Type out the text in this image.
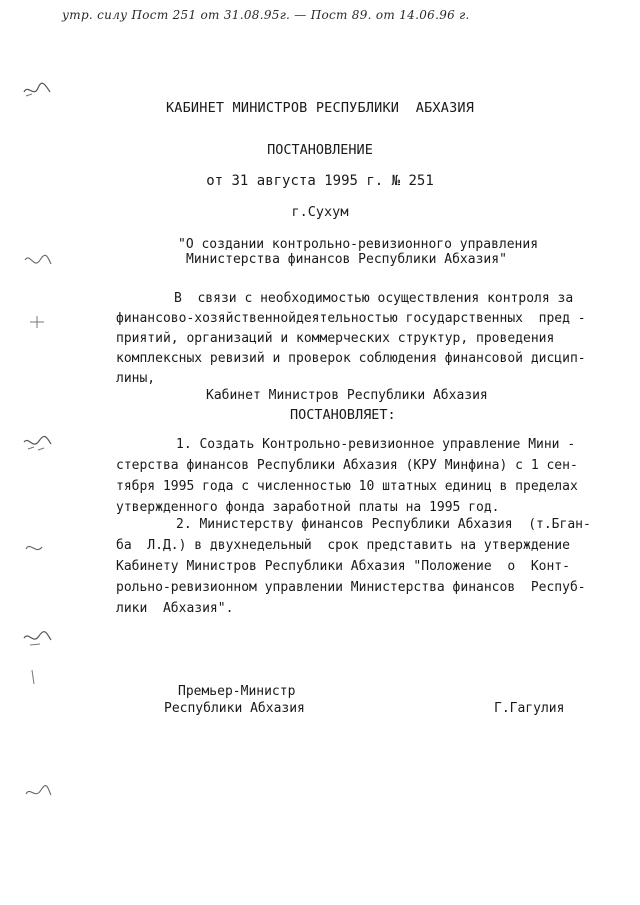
утр. силу Пост 251 от 31.08.95г. — Пост 89. от 14.06.96 г.
КАБИНЕТ МИНИСТРОВ РЕСПУБЛИКИ  АБХАЗИЯ
ПОСТАНОВЛЕНИЕ
от 31 августа 1995 г. № 251
г.Сухум
"О создании контрольно-ревизионного управления
Министерства финансов Республики Абхазия"
В  связи с необходимостью осуществления контроля за
финансово-хозяйственнойдеятельностью государственных  пред -
приятий, организаций и коммерческих структур, проведения
комплексных ревизий и проверок соблюдения финансовой дисцип-
лины,
Кабинет Министров Республики Абхазия
ПОСТАНОВЛЯЕТ:
1. Создать Контрольно-ревизионное управление Мини -
стерства финансов Республики Абхазия (КРУ Минфина) с 1 сен-
тября 1995 года с численностью 10 штатных единиц в пределах
утвержденного фонда заработной платы на 1995 год.
2. Министерству финансов Республики Абхазия  (т.Бган-
ба  Л.Д.) в двухнедельный  срок представить на утверждение
Кабинету Министров Республики Абхазия "Положение  о  Конт-
рольно-ревизионном управлении Министерства финансов  Респуб-
лики  Абхазия".
Премьер-Министр
Республики Абхазия	Г.Гагулия
